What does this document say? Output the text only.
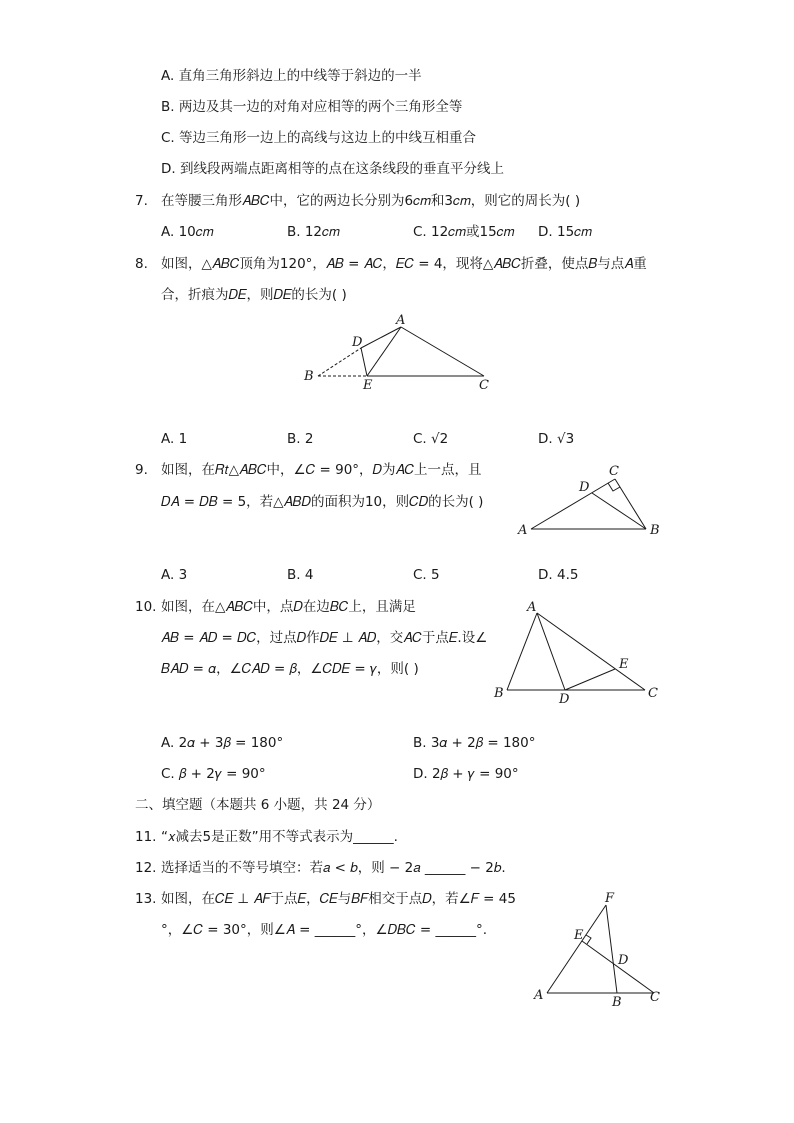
A. 直角三角形斜边上的中线等于斜边的一半
B. 两边及其一边的对角对应相等的两个三角形全等
C. 等边三角形一边上的高线与这边上的中线互相重合
D. 到线段两端点距离相等的点在这条线段的垂直平分线上
7. 在等腰三角形𝐴𝐵𝐶中，它的两边长分别为6𝑐𝑚和3𝑐𝑚，则它的周长为( )
A. 10𝑐𝑚	B. 12𝑐𝑚	C. 12𝑐𝑚或15𝑐𝑚 D. 15𝑐𝑚
8. 如图，△𝐴𝐵𝐶顶角为120°，𝐴𝐵 = 𝐴𝐶，𝐸𝐶 = 4，现将△𝐴𝐵𝐶折叠，使点𝐵与点𝐴重
合，折痕为𝐷𝐸，则𝐷𝐸的长为( )
A
D
B
E	C
C
D
A	B
A
E
B	D	C
F
E
D
A	B C
A. 1	B. 2	C. √2	D. √3
9. 如图，在𝑅𝑡△𝐴𝐵𝐶中，∠𝐶 = 90°，𝐷为𝐴𝐶上一点，且
𝐷𝐴 = 𝐷𝐵 = 5，若△𝐴𝐵𝐷的面积为10，则𝐶𝐷的长为( )
A. 3	B. 4	C. 5	D. 4.5
10. 如图，在△𝐴𝐵𝐶中，点𝐷在边𝐵𝐶上，且满足
𝐴𝐵 = 𝐴𝐷 = 𝐷𝐶，过点𝐷作𝐷𝐸 ⊥ 𝐴𝐷，交𝐴𝐶于点𝐸.设∠
𝐵𝐴𝐷 = 𝛼，∠𝐶𝐴𝐷 = 𝛽，∠𝐶𝐷𝐸 = 𝛾，则( )
A. 2𝛼 + 3𝛽 = 180°	B. 3𝛼 + 2𝛽 = 180°
C. 𝛽 + 2𝛾 = 90°	D. 2𝛽 + 𝛾 = 90°
二、填空题（本题共 6 小题，共 24 分）
11. “𝑥减去5是正数”用不等式表示为______.
12. 选择适当的不等号填空：若𝑎 < 𝑏，则 − 2𝑎 ______ − 2𝑏.
13. 如图，在𝐶𝐸 ⊥ 𝐴𝐹于点𝐸，𝐶𝐸与𝐵𝐹相交于点𝐷，若∠𝐹 = 45
°，∠𝐶 = 30°，则∠𝐴 = ______°，∠𝐷𝐵𝐶 = ______°.
